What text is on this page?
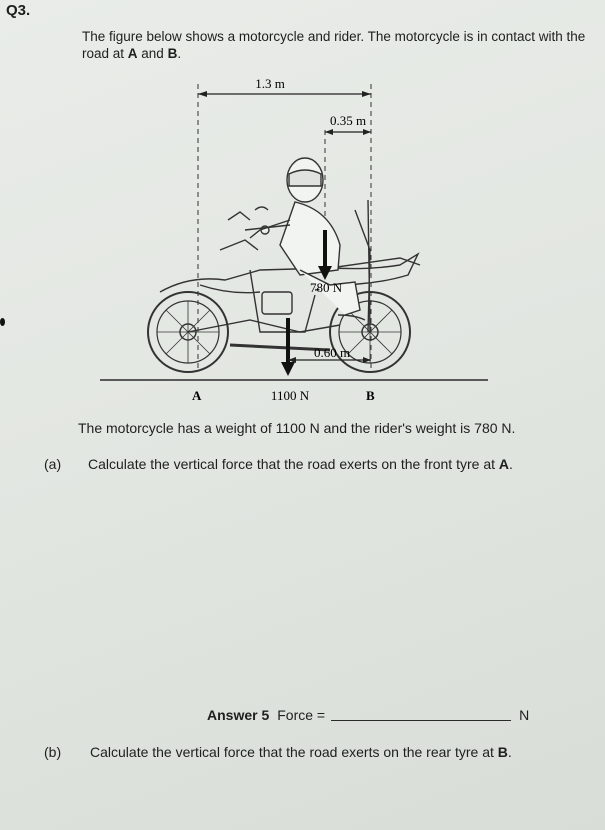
Q3.
The figure below shows a motorcycle and rider. The motorcycle is in contact with the road at A and B.
1.3 m
0.35 m
780 N
0.60 m
A	1100 N	B
The motorcycle has a weight of 1100 N and the rider's weight is 780 N.
(a) Calculate the vertical force that the road exerts on the front tyre at A.
Answer 5 Force =	N
(b) Calculate the vertical force that the road exerts on the rear tyre at B.
